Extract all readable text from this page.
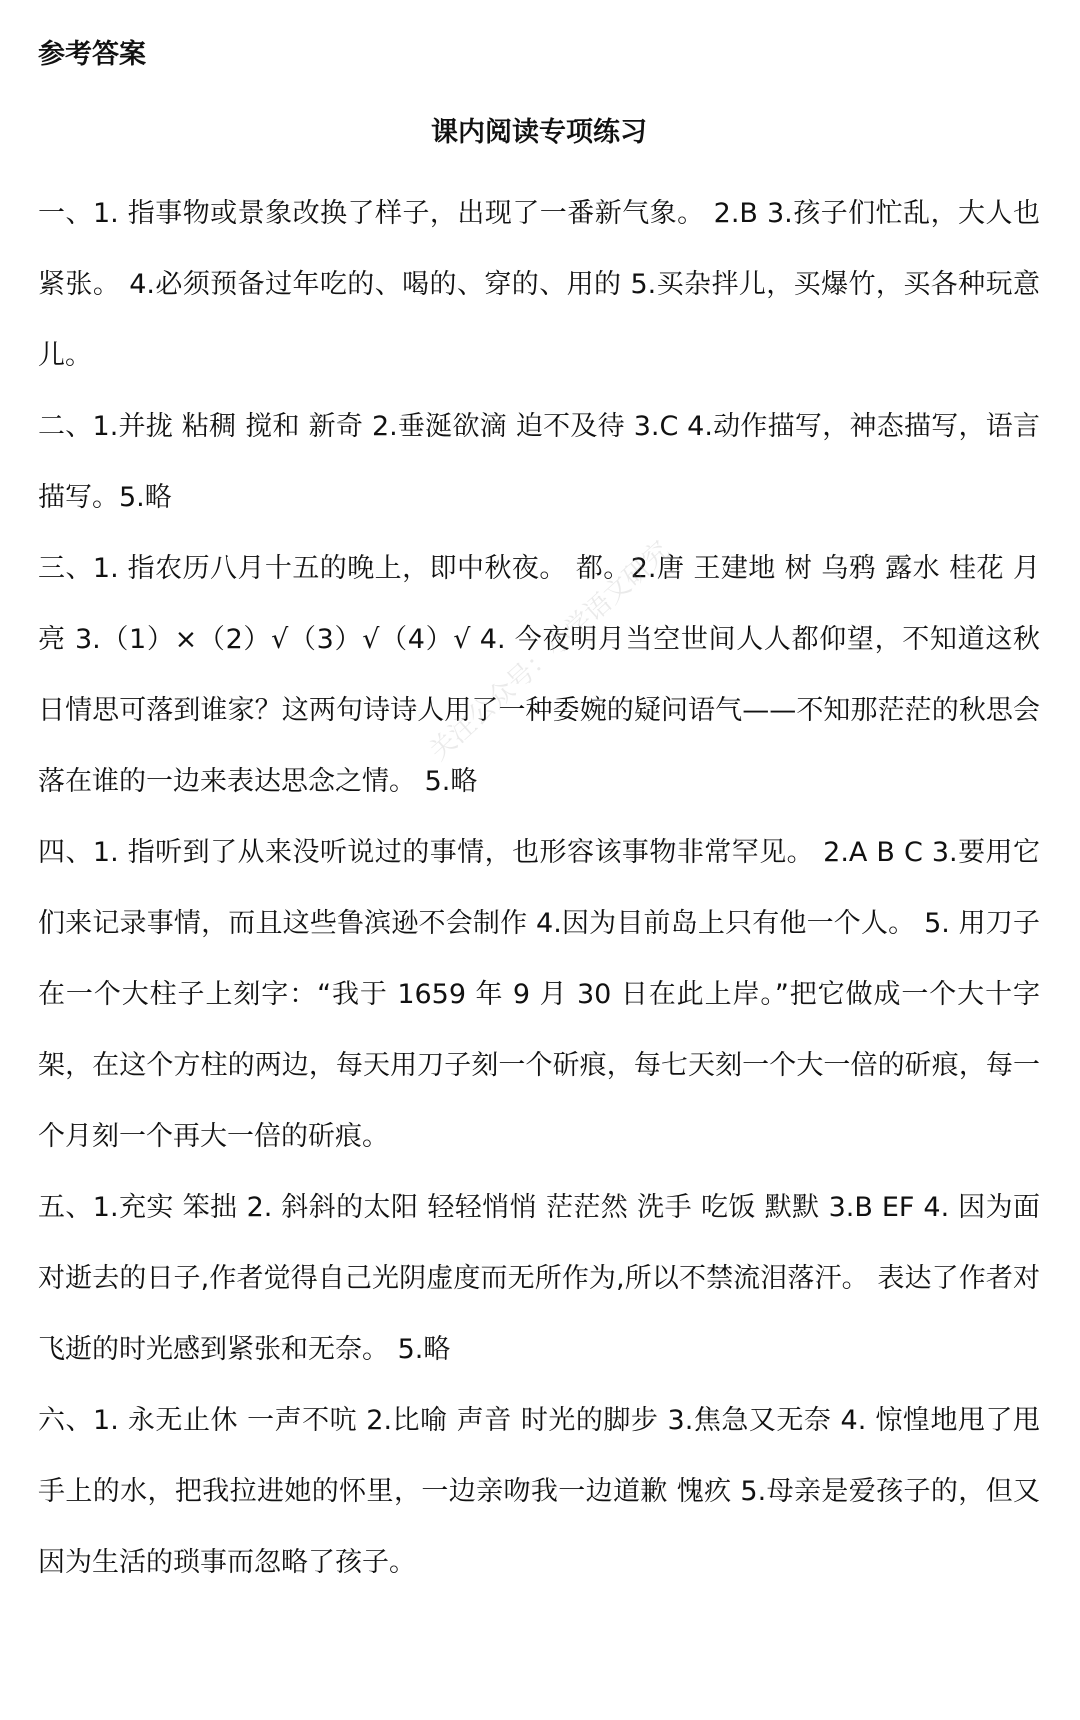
参考答案
课内阅读专项练习

一、1. 指事物或景象改换了样子，出现了一番新气象。 2.B 3.孩子们忙乱，大人也紧张。 4.必须预备过年吃的、喝的、穿的、用的 5.买杂拌儿，买爆竹，买各种玩意儿。

二、1.并拢 粘稠 搅和 新奇 2.垂涎欲滴 迫不及待 3.C 4.动作描写，神态描写，语言描写。5.略

三、1. 指农历八月十五的晚上，即中秋夜。 都。2.唐 王建地 树 乌鸦 露水 桂花 月亮 3.（1）×（2）√（3）√（4）√ 4. 今夜明月当空世间人人都仰望，不知道这秋日情思可落到谁家？这两句诗诗人用了一种委婉的疑问语气——不知那茫茫的秋思会落在谁的一边来表达思念之情。 5.略

四、1. 指听到了从来没听说过的事情，也形容该事物非常罕见。 2.A B C 3.要用它们来记录事情，而且这些鲁滨逊不会制作 4.因为目前岛上只有他一个人。 5. 用刀子在一个大柱子上刻字：“我于 1659 年 9 月 30 日在此上岸。”把它做成一个大十字架，在这个方柱的两边，每天用刀子刻一个斫痕，每七天刻一个大一倍的斫痕，每一个月刻一个再大一倍的斫痕。

五、1.充实 笨拙 2. 斜斜的太阳 轻轻悄悄 茫茫然 洗手 吃饭 默默 3.B EF 4. 因为面对逝去的日子,作者觉得自己光阴虚度而无所作为,所以不禁流泪落汗。 表达了作者对飞逝的时光感到紧张和无奈。 5.略

六、1. 永无止休 一声不吭 2.比喻 声音 时光的脚步 3.焦急又无奈 4. 惊惶地甩了甩手上的水，把我拉进她的怀里，一边亲吻我一边道歉 愧疚 5.母亲是爱孩子的，但又因为生活的琐事而忽略了孩子。

关注公众号：小学语文研究
